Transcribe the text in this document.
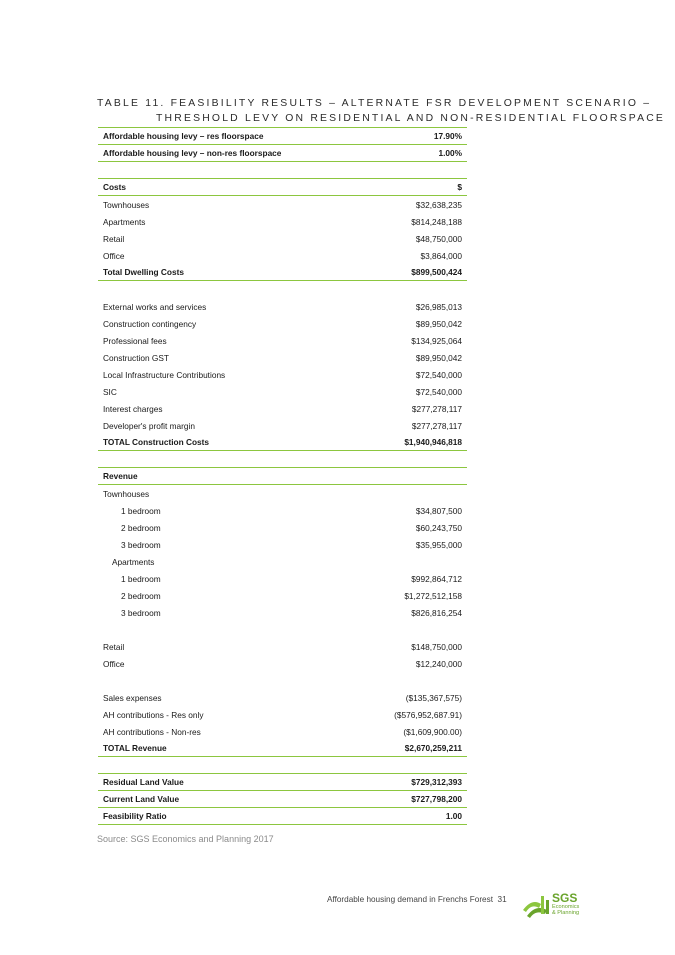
TABLE 11. FEASIBILITY RESULTS – ALTERNATE FSR DEVELOPMENT SCENARIO –
THRESHOLD LEVY ON RESIDENTIAL AND NON-RESIDENTIAL FLOORSPACE
Affordable housing levy – res floorspace	17.90%
Affordable housing levy – non-res floorspace	1.00%
Costs	$
Townhouses	$32,638,235
Apartments	$814,248,188
Retail	$48,750,000
Office	$3,864,000
Total Dwelling Costs	$899,500,424
External works and services	$26,985,013
Construction contingency	$89,950,042
Professional fees	$134,925,064
Construction GST	$89,950,042
Local Infrastructure Contributions	$72,540,000
SIC	$72,540,000
Interest charges	$277,278,117
Developer's profit margin	$277,278,117
TOTAL Construction Costs	$1,940,946,818
Revenue
Townhouses
1 bedroom	$34,807,500
2 bedroom	$60,243,750
3 bedroom	$35,955,000
Apartments
1 bedroom	$992,864,712
2 bedroom	$1,272,512,158
3 bedroom	$826,816,254
Retail	$148,750,000
Office	$12,240,000
Sales expenses	($135,367,575)
AH contributions - Res only	($576,952,687.91)
AH contributions - Non-res	($1,609,900.00)
TOTAL Revenue	$2,670,259,211
Residual Land Value	$729,312,393
Current Land Value	$727,798,200
Feasibility Ratio	1.00
Source: SGS Economics and Planning 2017
Affordable housing demand in Frenchs Forest 31	SGS
Economics
& Planning
